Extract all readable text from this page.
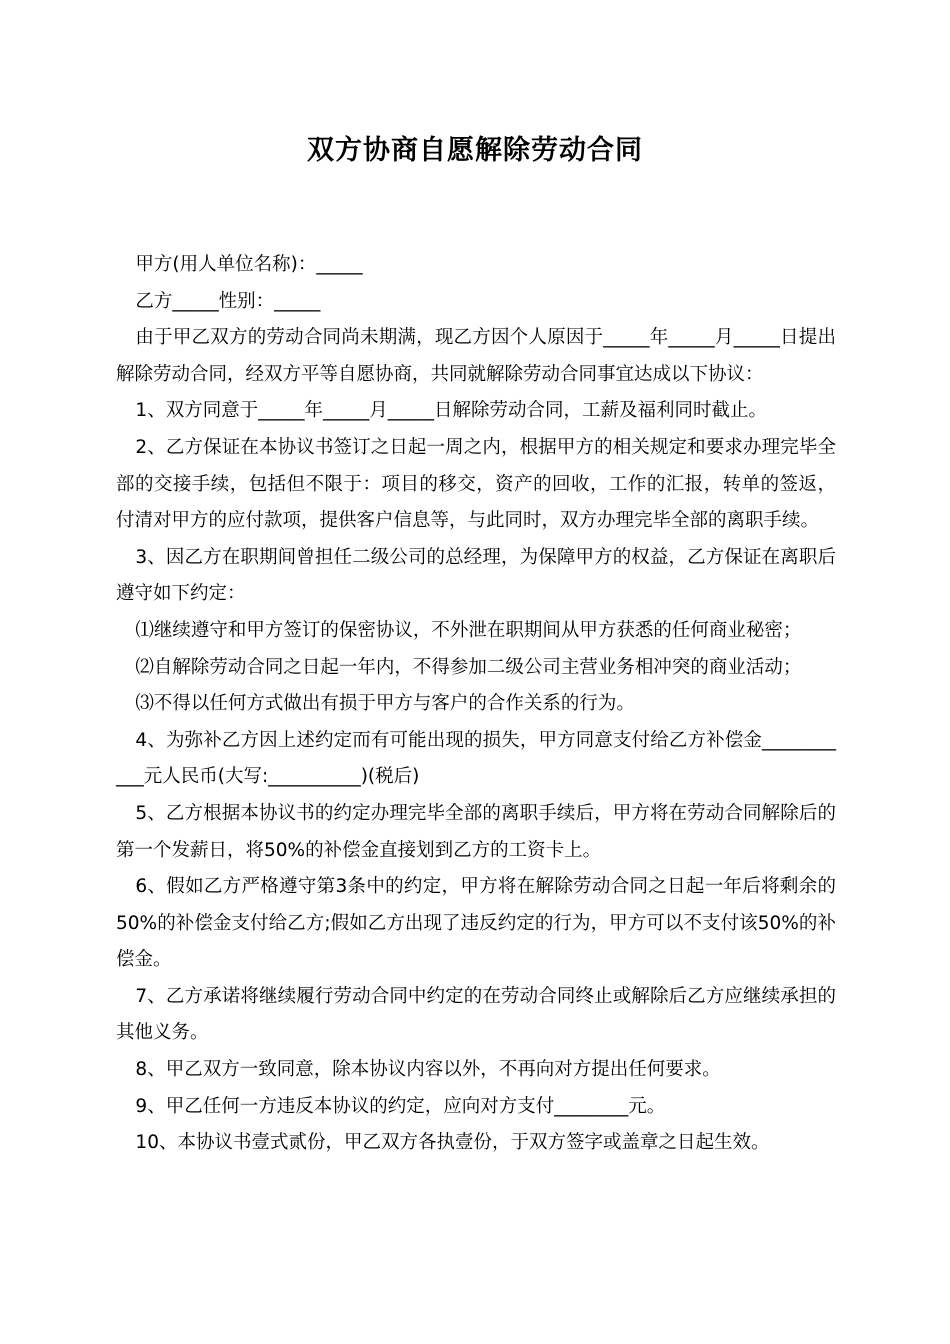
双方协商自愿解除劳动合同

甲方(用人单位名称)：_____

乙方_____性别：_____

由于甲乙双方的劳动合同尚未期满，现乙方因个人原因于_____年_____月_____日提出解除劳动合同，经双方平等自愿协商，共同就解除劳动合同事宜达成以下协议：

1、双方同意于_____年_____月_____日解除劳动合同，工薪及福利同时截止。

2、乙方保证在本协议书签订之日起一周之内，根据甲方的相关规定和要求办理完毕全部的交接手续，包括但不限于：项目的移交，资产的回收，工作的汇报，转单的签返，付清对甲方的应付款项，提供客户信息等，与此同时，双方办理完毕全部的离职手续。

3、因乙方在职期间曾担任二级公司的总经理，为保障甲方的权益，乙方保证在离职后遵守如下约定：

⑴继续遵守和甲方签订的保密协议，不外泄在职期间从甲方获悉的任何商业秘密；

⑵自解除劳动合同之日起一年内，不得参加二级公司主营业务相冲突的商业活动；

⑶不得以任何方式做出有损于甲方与客户的合作关系的行为。

4、为弥补乙方因上述约定而有可能出现的损失，甲方同意支付给乙方补偿金___________元人民币(大写:__________)(税后)

5、乙方根据本协议书的约定办理完毕全部的离职手续后，甲方将在劳动合同解除后的第一个发薪日，将50%的补偿金直接划到乙方的工资卡上。

6、假如乙方严格遵守第3条中的约定，甲方将在解除劳动合同之日起一年后将剩余的50%的补偿金支付给乙方;假如乙方出现了违反约定的行为，甲方可以不支付该50%的补偿金。

7、乙方承诺将继续履行劳动合同中约定的在劳动合同终止或解除后乙方应继续承担的其他义务。

8、甲乙双方一致同意，除本协议内容以外，不再向对方提出任何要求。

9、甲乙任何一方违反本协议的约定，应向对方支付________元。

10、本协议书壹式贰份，甲乙双方各执壹份，于双方签字或盖章之日起生效。
